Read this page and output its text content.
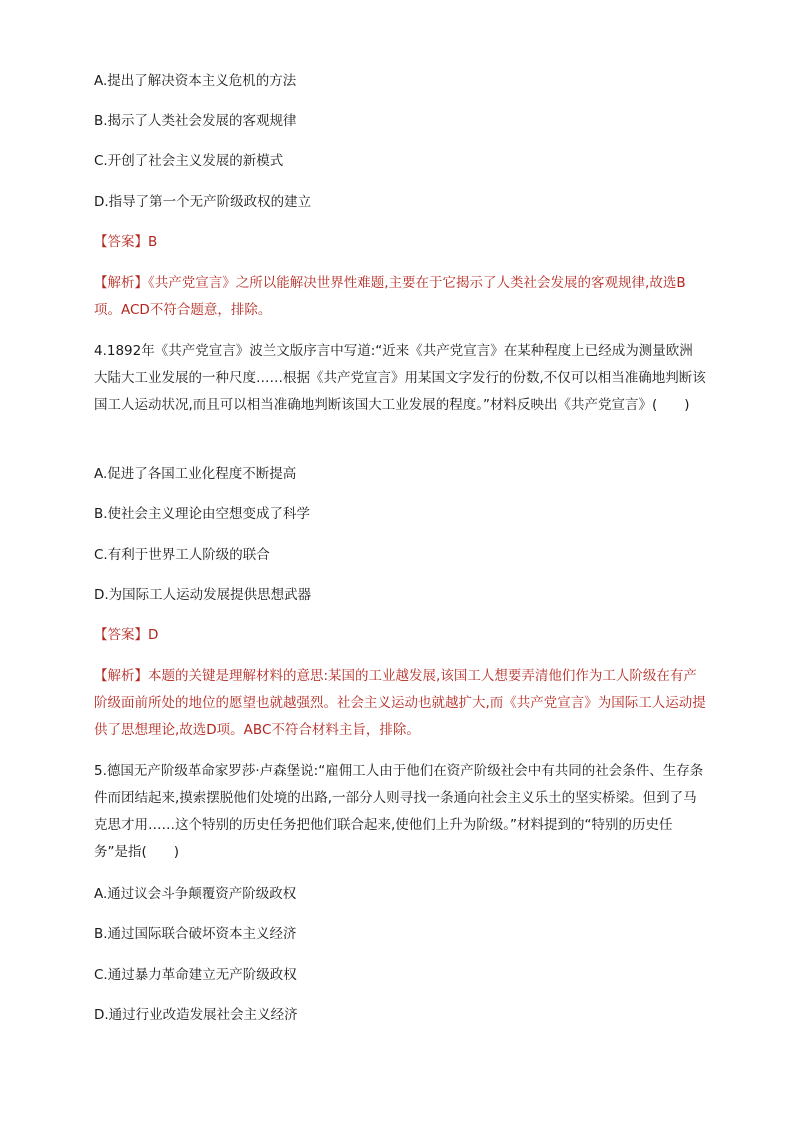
A.提出了解决资本主义危机的方法
B.揭示了人类社会发展的客观规律
C.开创了社会主义发展的新模式
D.指导了第一个无产阶级政权的建立
【答案】B
【解析】《共产党宣言》之所以能解决世界性难题,主要在于它揭示了人类社会发展的客观规律,故选B项。ACD不符合题意，排除。
4.1892年《共产党宣言》波兰文版序言中写道:“近来《共产党宣言》在某种程度上已经成为测量欧洲大陆大工业发展的一种尺度……根据《共产党宣言》用某国文字发行的份数,不仅可以相当准确地判断该国工人运动状况,而且可以相当准确地判断该国大工业发展的程度。”材料反映出《共产党宣言》(　　)
A.促进了各国工业化程度不断提高
B.使社会主义理论由空想变成了科学
C.有利于世界工人阶级的联合
D.为国际工人运动发展提供思想武器
【答案】D
【解析】本题的关键是理解材料的意思:某国的工业越发展,该国工人想要弄清他们作为工人阶级在有产阶级面前所处的地位的愿望也就越强烈。社会主义运动也就越扩大,而《共产党宣言》为国际工人运动提供了思想理论,故选D项。ABC不符合材料主旨，排除。
5.德国无产阶级革命家罗莎·卢森堡说:“雇佣工人由于他们在资产阶级社会中有共同的社会条件、生存条件而团结起来,摸索摆脱他们处境的出路,一部分人则寻找一条通向社会主义乐土的坚实桥梁。但到了马克思才用……这个特别的历史任务把他们联合起来,使他们上升为阶级。”材料提到的“特别的历史任务”是指(　　)
A.通过议会斗争颠覆资产阶级政权
B.通过国际联合破坏资本主义经济
C.通过暴力革命建立无产阶级政权
D.通过行业改造发展社会主义经济
